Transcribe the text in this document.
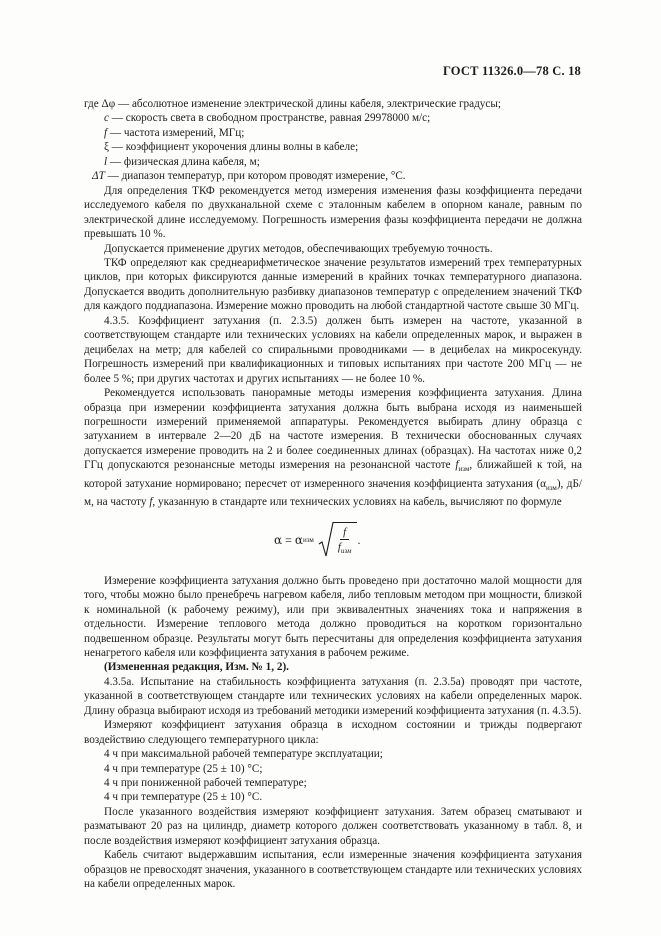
ГОСТ 11326.0—78 С. 18

где Δφ — абсолютное изменение электрической длины кабеля, электрические градусы;

c — скорость света в свободном пространстве, равная 29978000 м/с;

f — частота измерений, МГц;

ξ — коэффициент укорочения длины волны в кабеле;

l — физическая длина кабеля, м;

ΔT — диапазон температур, при котором проводят измерение, °С.

Для определения ТКФ рекомендуется метод измерения изменения фазы коэффициента передачи исследуемого кабеля по двухканальной схеме с эталонным кабелем в опорном канале, равным по электрической длине исследуемому. Погрешность измерения фазы коэффициента передачи не должна превышать 10 %.

Допускается применение других методов, обеспечивающих требуемую точность.

ТКФ определяют как среднеарифметическое значение результатов измерений трех температурных циклов, при которых фиксируются данные измерений в крайних точках температурного диапазона. Допускается вводить дополнительную разбивку диапазонов температур с определением значений ТКФ для каждого поддиапазона. Измерение можно проводить на любой стандартной частоте свыше 30 МГц.

4.3.5. Коэффициент затухания (п. 2.3.5) должен быть измерен на частоте, указанной в соответствующем стандарте или технических условиях на кабели определенных марок, и выражен в децибелах на метр; для кабелей со спиральными проводниками — в децибелах на микросекунду. Погрешность измерений при квалификационных и типовых испытаниях при частоте 200 МГц — не более 5 %; при других частотах и других испытаниях — не более 10 %.

Рекомендуется использовать панорамные методы измерения коэффициента затухания. Длина образца при измерении коэффициента затухания должна быть выбрана исходя из наименьшей погрешности измерений применяемой аппаратуры. Рекомендуется выбирать длину образца с затуханием в интервале 2—20 дБ на частоте измерения. В технически обоснованных случаях допускается измерение проводить на 2 и более соединенных длинах (образцах). На частотах ниже 0,2 ГГц допускаются резонансные методы измерения на резонансной частоте $f_{изм}$, ближайшей к той, на которой затухание нормировано; пересчет от измеренного значения коэффициента затухания $(\alpha_{изм})$, дБ/м, на частоту f, указанную в стандарте или технических условиях на кабель, вычисляют по формуле

α = α изм $\frac{f}{f_{изм}}$ .

Измерение коэффициента затухания должно быть проведено при достаточно малой мощности для того, чтобы можно было пренебречь нагревом кабеля, либо тепловым методом при мощности, близкой к номинальной (к рабочему режиму), или при эквивалентных значениях тока и напряжения в отдельности. Измерение теплового метода должно проводиться на коротком горизонтально подвешенном образце. Результаты могут быть пересчитаны для определения коэффициента затухания ненагретого кабеля или коэффициента затухания в рабочем режиме.

(Измененная редакция, Изм. № 1, 2).

4.3.5а. Испытание на стабильность коэффициента затухания (п. 2.3.5а) проводят при частоте, указанной в соответствующем стандарте или технических условиях на кабели определенных марок. Длину образца выбирают исходя из требований методики измерений коэффициента затухания (п. 4.3.5).

Измеряют коэффициент затухания образца в исходном состоянии и трижды подвергают воздействию следующего температурного цикла:

4 ч при максимальной рабочей температуре эксплуатации;

4 ч при температуре (25 ± 10) °С;

4 ч при пониженной рабочей температуре;

4 ч при температуре (25 ± 10) °С.

После указанного воздействия измеряют коэффициент затухания. Затем образец сматывают и разматывают 20 раз на цилиндр, диаметр которого должен соответствовать указанному в табл. 8, и после воздействия измеряют коэффициент затухания образца.

Кабель считают выдержавшим испытания, если измеренные значения коэффициента затухания образцов не превосходят значения, указанного в соответствующем стандарте или технических условиях на кабели определенных марок.
